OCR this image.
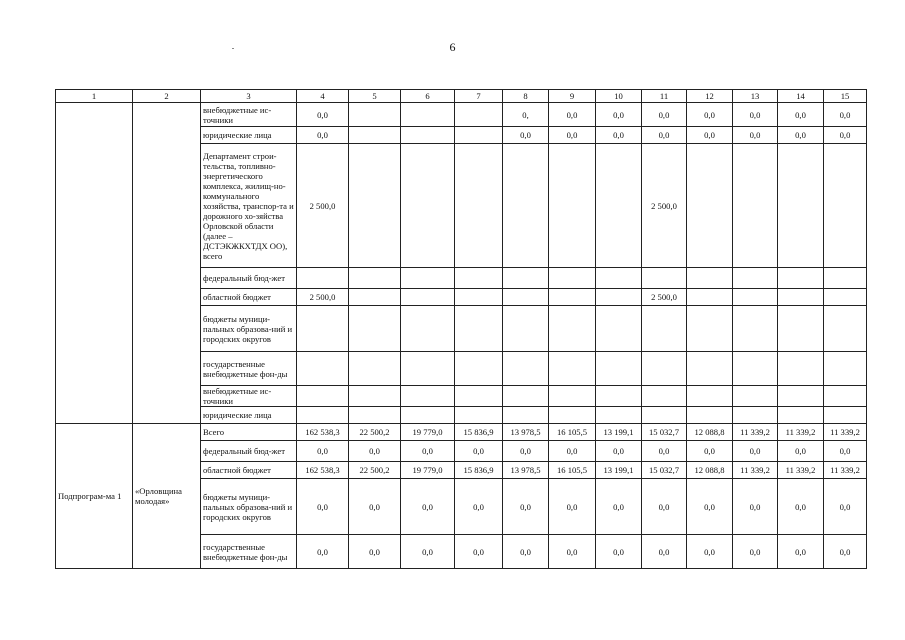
6
1	2	3	4	5	6	7	8	9	10	11	12	13	14	15
		внебюджетные ис-точники	0,0				0,	0,0	0,0	0,0	0,0	0,0	0,0	0,0
		юридические лица	0,0				0,0	0,0	0,0	0,0	0,0	0,0	0,0	0,0
		Департамент строи-тельства, топливно-энергетического комплекса, жилищ-но-коммунального хозяйства, транспор-та и дорожного хо-зяйства Орловской области (далее – ДСТЭКЖКХТДХ ОО), всего	2 500,0							2 500,0				
		федеральный бюд-жет												
		областной бюджет	2 500,0							2 500,0				
		бюджеты муници-пальных образова-ний и городских округов												
		государственные внебюджетные фон-ды												
		внебюджетные ис-точники												
		юридические лица												
Подпрограм-ма 1	«Орловщина молодая»	Всего	162 538,3	22 500,2	19 779,0	15 836,9	13 978,5	16 105,5	13 199,1	15 032,7	12 088,8	11 339,2	11 339,2	11 339,2
		федеральный бюд-жет	0,0	0,0	0,0	0,0	0,0	0,0	0,0	0,0	0,0	0,0	0,0	0,0
		областной бюджет	162 538,3	22 500,2	19 779,0	15 836,9	13 978,5	16 105,5	13 199,1	15 032,7	12 088,8	11 339,2	11 339,2	11 339,2
		бюджеты муници-пальных образова-ний и городских округов	0,0	0,0	0,0	0,0	0,0	0,0	0,0	0,0	0,0	0,0	0,0	0,0
		государственные внебюджетные фон-ды	0,0	0,0	0,0	0,0	0,0	0,0	0,0	0,0	0,0	0,0	0,0	0,0
